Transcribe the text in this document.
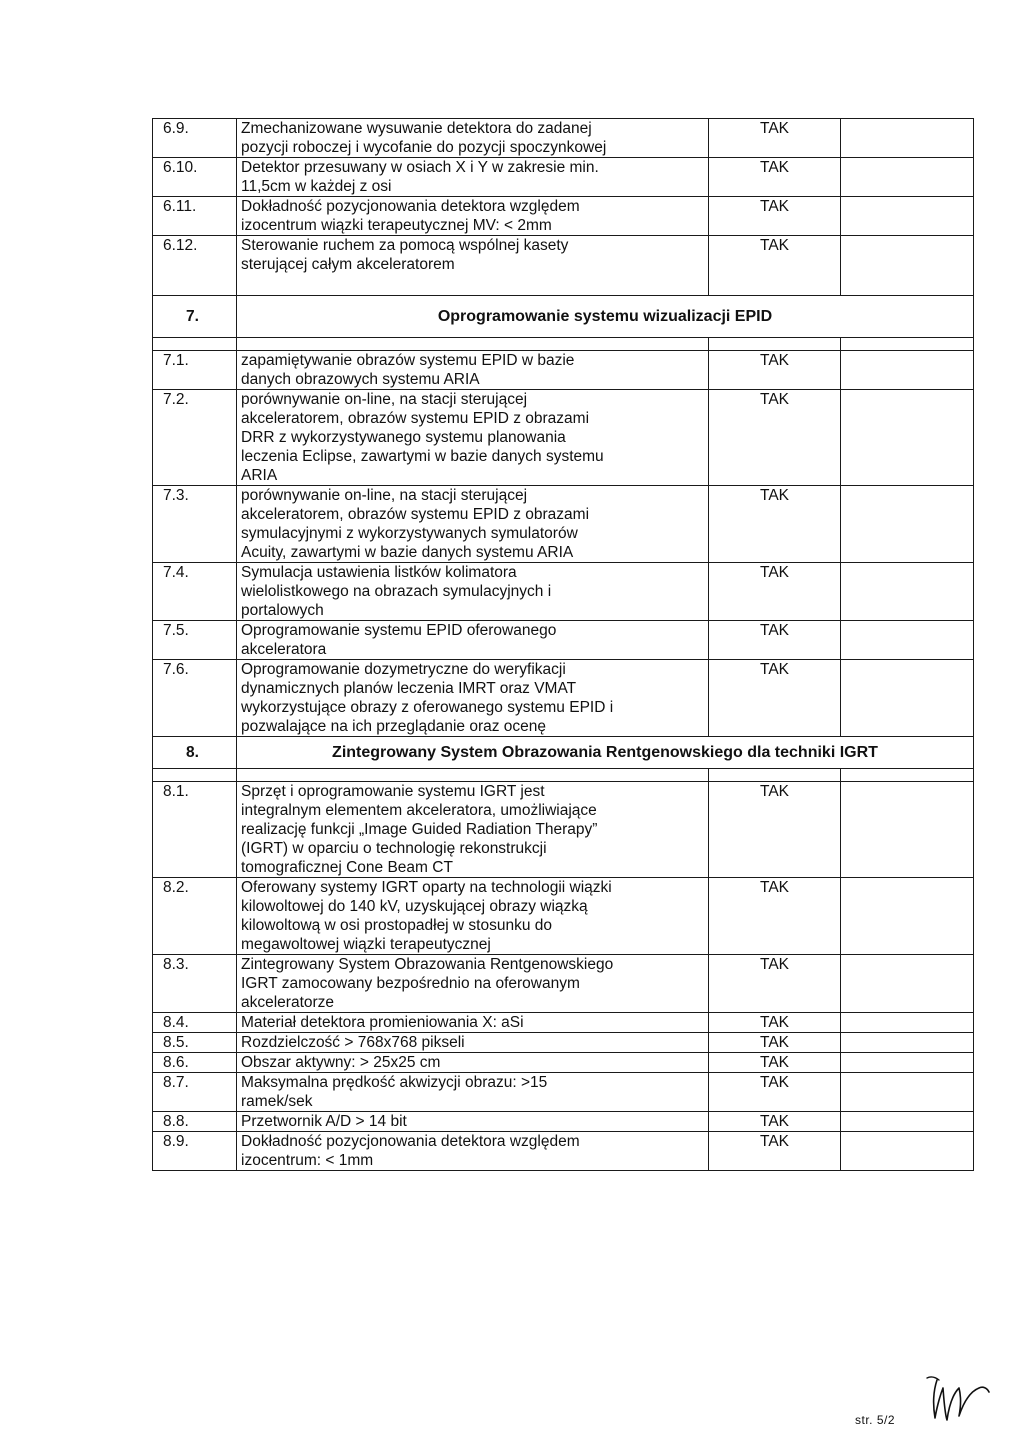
6.9.	Zmechanizowane wysuwanie detektora do zadanej
pozycji roboczej i wycofanie do pozycji spoczynkowej	TAK	
6.10.	Detektor przesuwany w osiach X i Y w zakresie min.
11,5cm w każdej z osi	TAK	
6.11.	Dokładność pozycjonowania detektora względem
izocentrum wiązki terapeutycznej MV: < 2mm	TAK	
6.12.	Sterowanie ruchem za pomocą wspólnej kasety
sterującej całym akceleratorem	TAK	
7.	Oprogramowanie systemu wizualizacji EPID		

7.1.	zapamiętywanie obrazów systemu EPID w bazie
danych obrazowych systemu ARIA	TAK	
7.2.	porównywanie on-line, na stacji sterującej
akceleratorem, obrazów systemu EPID z obrazami
DRR z wykorzystywanego systemu planowania
leczenia Eclipse, zawartymi w bazie danych systemu
ARIA	TAK	
7.3.	porównywanie on-line, na stacji sterującej
akceleratorem, obrazów systemu EPID z obrazami
symulacyjnymi z wykorzystywanych symulatorów
Acuity, zawartymi w bazie danych systemu ARIA	TAK	
7.4.	Symulacja ustawienia listków kolimatora
wielolistkowego na obrazach symulacyjnych i
portalowych	TAK	
7.5.	Oprogramowanie systemu EPID oferowanego
akceleratora	TAK	
7.6.	Oprogramowanie dozymetryczne do weryfikacji
dynamicznych planów leczenia IMRT oraz VMAT
wykorzystujące obrazy z oferowanego systemu EPID i
pozwalające na ich przeglądanie oraz ocenę	TAK	
8.	Zintegrowany System Obrazowania Rentgenowskiego dla techniki IGRT		

8.1.	Sprzęt i oprogramowanie systemu IGRT jest
integralnym elementem akceleratora, umożliwiające
realizację funkcji „Image Guided Radiation Therapy”
(IGRT) w oparciu o technologię rekonstrukcji
tomograficznej Cone Beam CT	TAK	
8.2.	Oferowany systemy IGRT oparty na technologii wiązki
kilowoltowej do 140 kV, uzyskującej obrazy wiązką
kilowoltową w osi prostopadłej w stosunku do
megawoltowej wiązki terapeutycznej	TAK	
8.3.	Zintegrowany System Obrazowania Rentgenowskiego
IGRT zamocowany bezpośrednio na oferowanym
akceleratorze	TAK	
8.4.	Materiał detektora promieniowania X: aSi	TAK	
8.5.	Rozdzielczość > 768x768 pikseli	TAK	
8.6.	Obszar aktywny: > 25x25 cm	TAK	
8.7.	Maksymalna prędkość akwizycji obrazu: >15
ramek/sek	TAK	
8.8.	Przetwornik A/D > 14 bit	TAK	
8.9.	Dokładność pozycjonowania detektora względem
izocentrum: < 1mm	TAK	
str. 5/2
